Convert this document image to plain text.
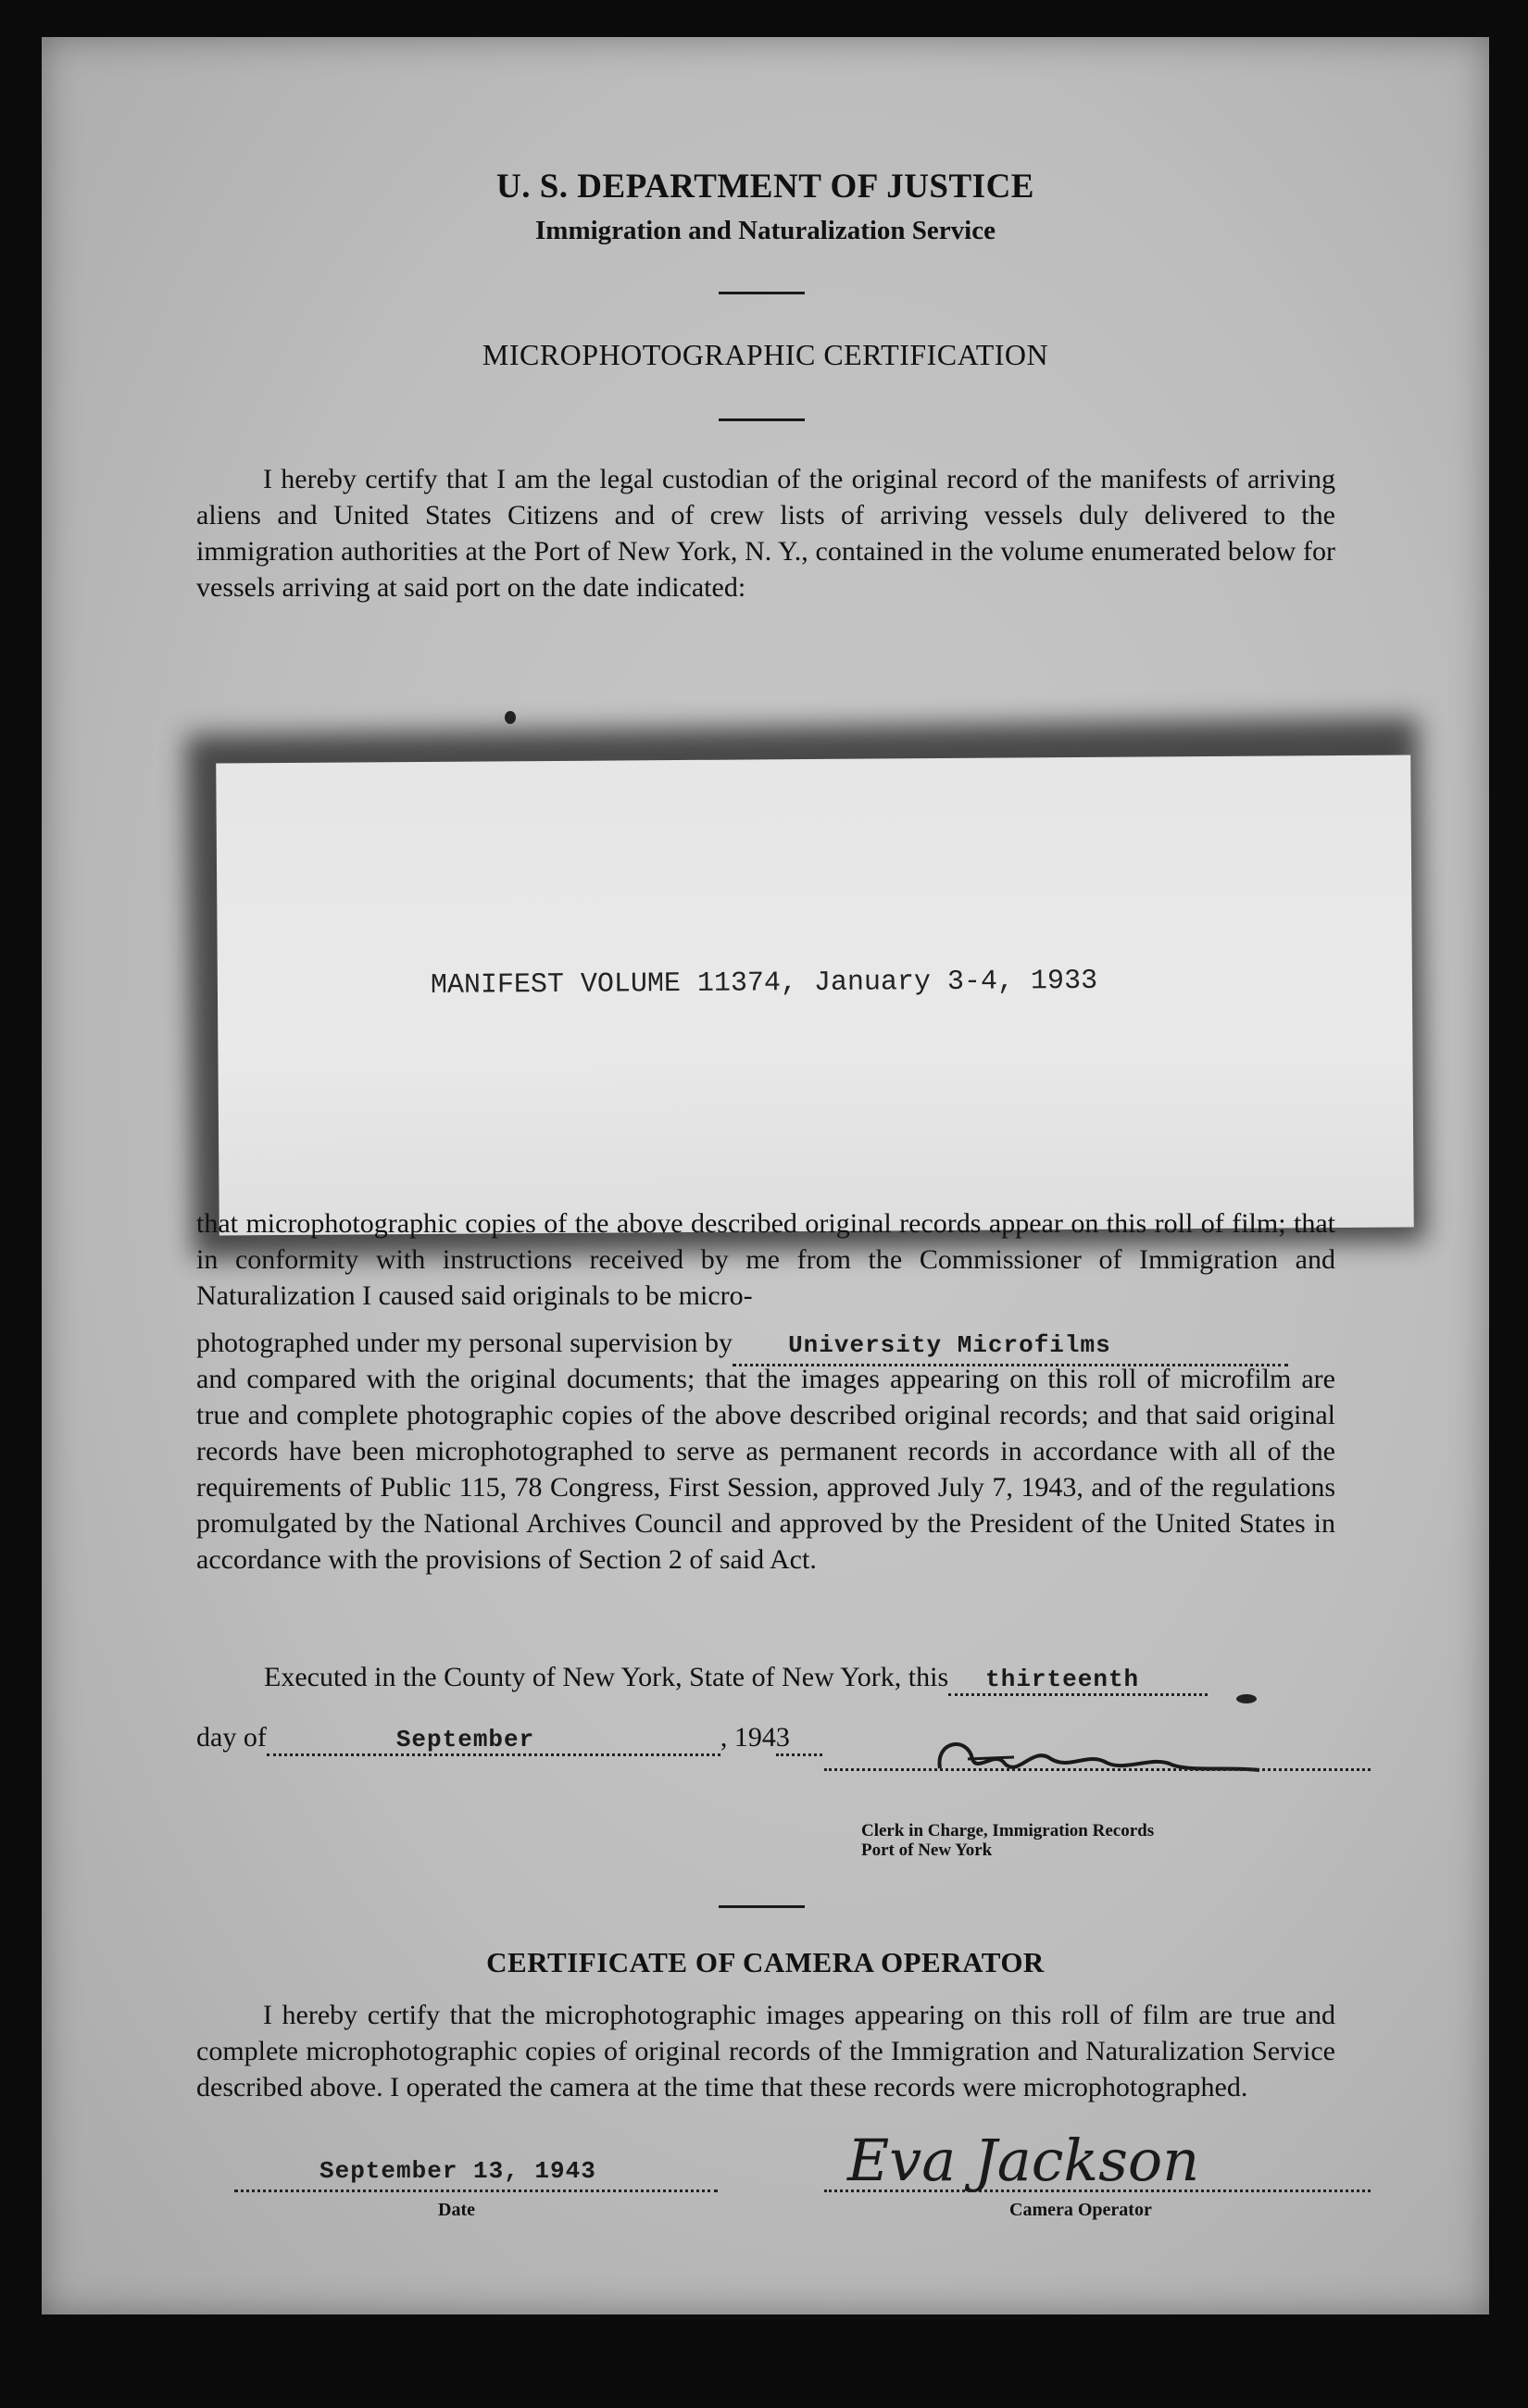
U. S. DEPARTMENT OF JUSTICE
Immigration and Naturalization Service
MICROPHOTOGRAPHIC CERTIFICATION
I hereby certify that I am the legal custodian of the original record of the manifests of arriving aliens and United States Citizens and of crew lists of arriving vessels duly delivered to the immigration authorities at the Port of New York, N. Y., contained in the volume enumerated below for vessels arriving at said port on the date indicated:
MANIFEST VOLUME 11374, January 3-4, 1933
that microphotographic copies of the above described original records appear on this roll of film; that in conformity with instructions received by me from the Commissioner of Immigration and Naturalization I caused said originals to be micro-
photographed under my personal supervision by University Microfilms
and compared with the original documents; that the images appearing on this roll of microfilm are true and complete photographic copies of the above described original records; and that said original records have been microphotographed to serve as permanent records in accordance with all of the requirements of Public 115, 78 Congress, First Session, approved July 7, 1943, and of the regulations promulgated by the National Archives Council and approved by the President of the United States in accordance with the provisions of Section 2 of said Act.
Executed in the County of New York, State of New York, this thirteenth
day of	September	, 1943
Clerk in Charge, Immigration Records
Port of New York
CERTIFICATE OF CAMERA OPERATOR
I hereby certify that the microphotographic images appearing on this roll of film are true and complete microphotographic copies of original records of the Immigration and Naturalization Service described above. I operated the camera at the time that these records were microphotographed.
September 13, 1943
Date
Eva Jackson
Camera Operator
